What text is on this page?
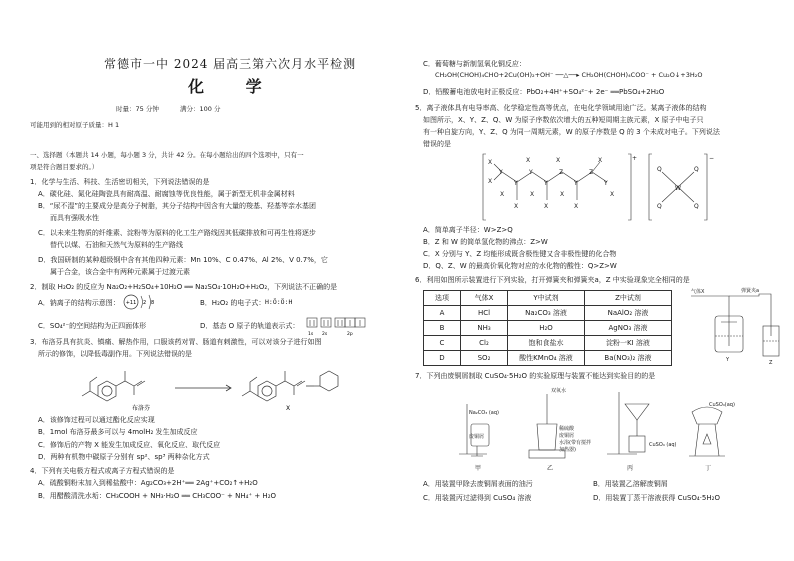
常德市一中 2024 届高三第六次月水平检测
化 学
时量：75 分钟	满分：100 分
可能用到的相对原子质量：H 1
一、选择题（本题共 14 小题，每小题 3 分，共计 42 分。在每小题给出的四个选项中，只有一
项是符合题目要求的。）
1．化学与生活、科技、生活密切相关，下列说法错误的是
A．碳化硅、氮化硅陶瓷具有耐高温、耐腐蚀等优良性能，属于新型无机非金属材料
B．“尿不湿”的主要成分是高分子树脂，其分子结构中因含有大量的羧基、羟基等亲水基团
而具有强吸水性
C．以未来生物质的纤维素、淀粉等为原料的化工生产路线因其低碳排放和可再生性将逐步
替代以煤、石油和天然气为原料的生产路线
D．我国研制的某种超级钢中含有其他四种元素：Mn 10%、C 0.47%、Al 2%、V 0.7%，它
属于合金，该合金中有两种元素属于过渡元素
2．制取 H₂O₂ 的反应为 Na₂O₂+H₂SO₄+10H₂O ══ Na₂SO₄·10H₂O+H₂O₂，下列说法不正确的是
A．钠离子的结构示意图： +11 2 8	B．H₂O₂ 的电子式： H:Ö:Ö:H
C．SO₄²⁻的空间结构为正四面体形	D．基态 O 原子的轨道表示式：
1s 2s	2p
3．布洛芬具有抗炎、镇痛、解热作用，口服该药对胃、肠道有刺激性，可以对该分子进行如图
所示的修饰，以降低毒副作用。下列说法错误的是
布洛芬	X
A．该修饰过程可以通过酯化反应实现
B．1mol 布洛芬最多可以与 4molH₂ 发生加成反应
C．修饰后的产物 X 能发生加成反应、氧化反应、取代反应
D．两种有机物中碳原子分别有 sp²、sp³ 两种杂化方式
4．下列有关电极方程式或离子方程式错误的是
A．硫酸铜粉末加入到稀盐酸中：Ag₂CO₃+2H⁺══ 2Ag⁺+CO₂↑+H₂O
B．用醋酸清洗水垢：CH₃COOH + NH₃·H₂O ══ CH₃COO⁻ + NH₄⁺ + H₂O
C．葡萄糖与新制氢氧化铜反应：
CH₂OH(CHOH)₄CHO+2Cu(OH)₂+OH⁻ ──△──▸ CH₂OH(CHOH)₄COO⁻ + Cu₂O↓+3H₂O
D．铅酸蓄电池放电时正极反应：PbO₂+4H⁺+SO₄²⁻+ 2e⁻ ══PbSO₄+2H₂O
5．离子液体具有电导率高、化学稳定性高等优点，在电化学领域用途广泛。某离子液体的结构
如图所示，X、Y、Z、Q、W 为原子序数依次增大的五种短周期主族元素，X 原子中电子只
有一种自旋方向，Y、Z、Q 为同一周期元素，W 的原子序数是 Q 的 3 个未成对电子。下列说法
错误的是
X
X
Y
Y
Y
Y
Z
Y
Z
Y
X	X	X
X
X
X	X
X	X	X
+
W
Q	Q
Q	Q
−
A．简单离子半径：W>Z>Q
B．Z 和 W 的简单氢化物的沸点：Z>W
C．X 分别与 Y、Z 均能形成既含极性键又含非极性键的化合物
D．Q、Z、W 的最高价氧化物对应的水化物的酸性：Q>Z>W
6．利用如图所示装置进行下列实验，打开弹簧夹和弹簧夹a，Z 中实验现象完全相同的是
选项	气体X	Y中试剂	Z中试剂
A	HCl	Na₂CO₃ 溶液	NaAlO₂ 溶液
B	NH₃	H₂O	AgNO₃ 溶液
C	Cl₂	饱和食盐水	淀粉一KI 溶液
D	SO₂	酸性KMnO₄ 溶液	Ba(NO₃)₂ 溶液
气体X	弹簧夹a
Y	Z
7．下列由废铜屑制取 CuSO₄·5H₂O 的实验原理与装置不能达到实验目的的是
Na₂CO₃ (aq)
废铜屑
双氧水
稀硫酸
废铜屑
水浴(带有搅拌
加热器)
CuSO₄ (aq)
CuSO₄(aq)
甲	乙	丙	丁
A．用装置甲除去废铜屑表面的油污	B．用装置乙溶解废铜屑
C．用装置丙过滤得到 CuSO₄ 溶液	D．用装置丁蒸干溶液获得 CuSO₄·5H₂O
